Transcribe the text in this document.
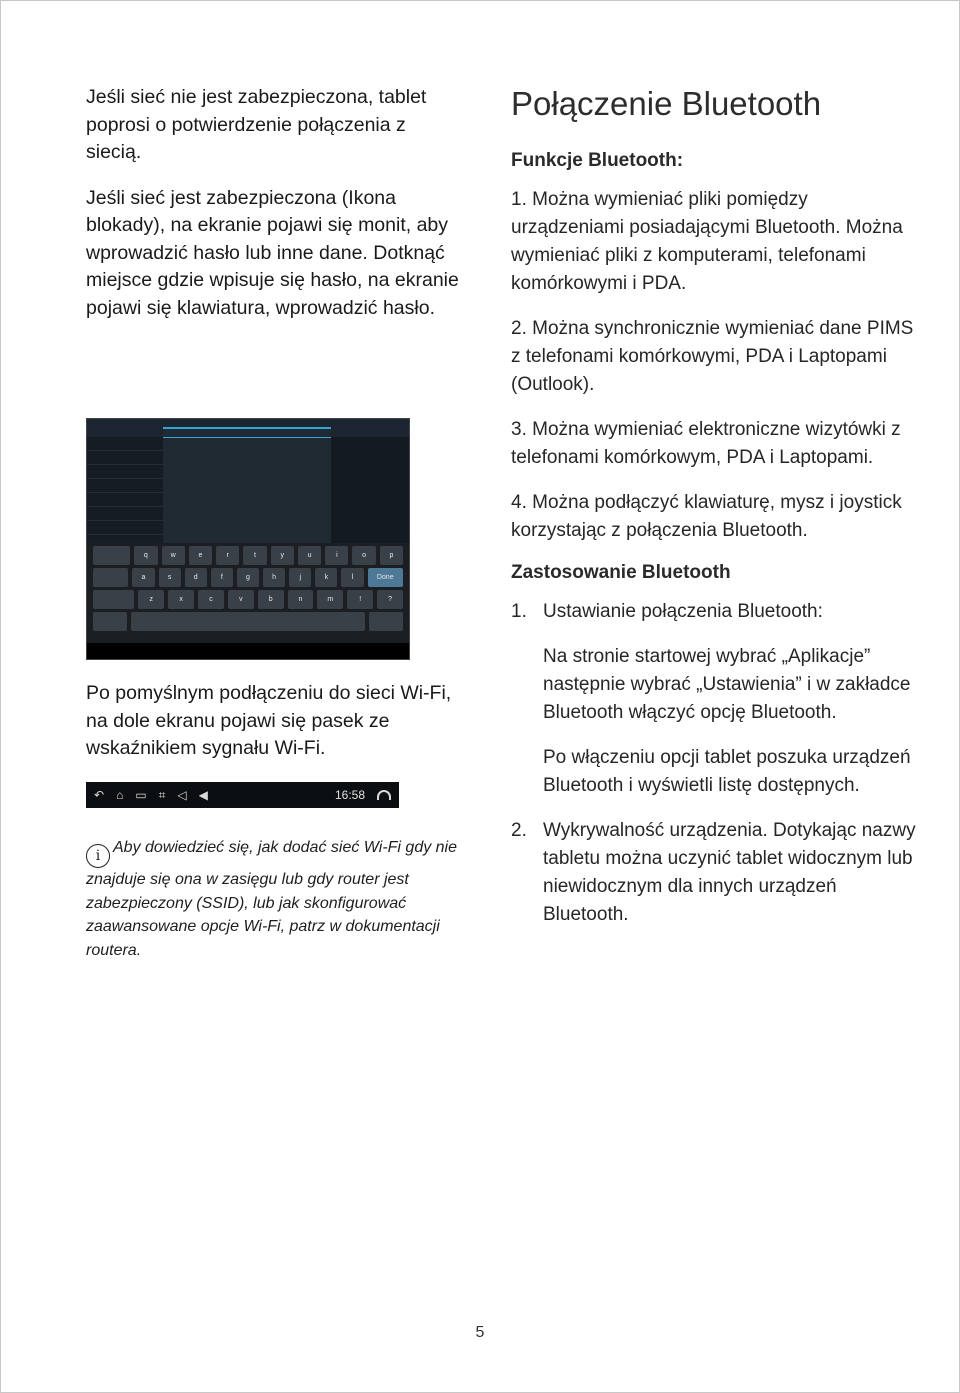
Jeśli sieć nie jest zabezpieczona, tablet poprosi o potwierdzenie połączenia z siecią.

Jeśli sieć jest zabezpieczona (Ikona blokady), na ekranie pojawi się monit, aby wprowadzić hasło lub inne dane. Dotknąć miejsce gdzie wpisuje się hasło, na ekranie pojawi się klawiatura, wprowadzić hasło.

q	w	e	r	t	y	u	i	o	p
a	s	d	f	g	h	j	k	l	Done
z	x	c	v	b	n	m	!	?

Po pomyślnym podłączeniu do sieci Wi-Fi, na dole ekranu pojawi się pasek ze wskaźnikiem sygnału Wi-Fi.

↶ ⌂ ▭ ⌗ ◁ ◀	16:58
i Aby dowiedzieć się, jak dodać sieć Wi-Fi gdy nie znajduje się ona w zasięgu lub gdy router jest zabezpieczony (SSID), lub jak skonfigurować zaawansowane opcje Wi-Fi, patrz w dokumentacji routera.
Połączenie Bluetooth
Funkcje Bluetooth:

1. Można wymieniać pliki pomiędzy urządzeniami posiadającymi Bluetooth. Można wymieniać pliki z komputerami, telefonami komórkowymi i PDA.

2. Można synchronicznie wymieniać dane PIMS z telefonami komórkowymi, PDA i Laptopami (Outlook).

3. Można wymieniać elektroniczne wizytówki z telefonami komórkowym, PDA i Laptopami.

4. Można podłączyć klawiaturę, mysz i joystick korzystając z połączenia Bluetooth.

Zastosowanie Bluetooth
1. Ustawianie połączenia Bluetooth:

Na stronie startowej wybrać „Aplikacje” następnie wybrać „Ustawienia” i w zakładce Bluetooth włączyć opcję Bluetooth.

Po włączeniu opcji tablet poszuka urządzeń Bluetooth i wyświetli listę dostępnych.

2. Wykrywalność urządzenia. Dotykając nazwy tabletu można uczynić tablet widocznym lub niewidocznym dla innych urządzeń Bluetooth.
5
